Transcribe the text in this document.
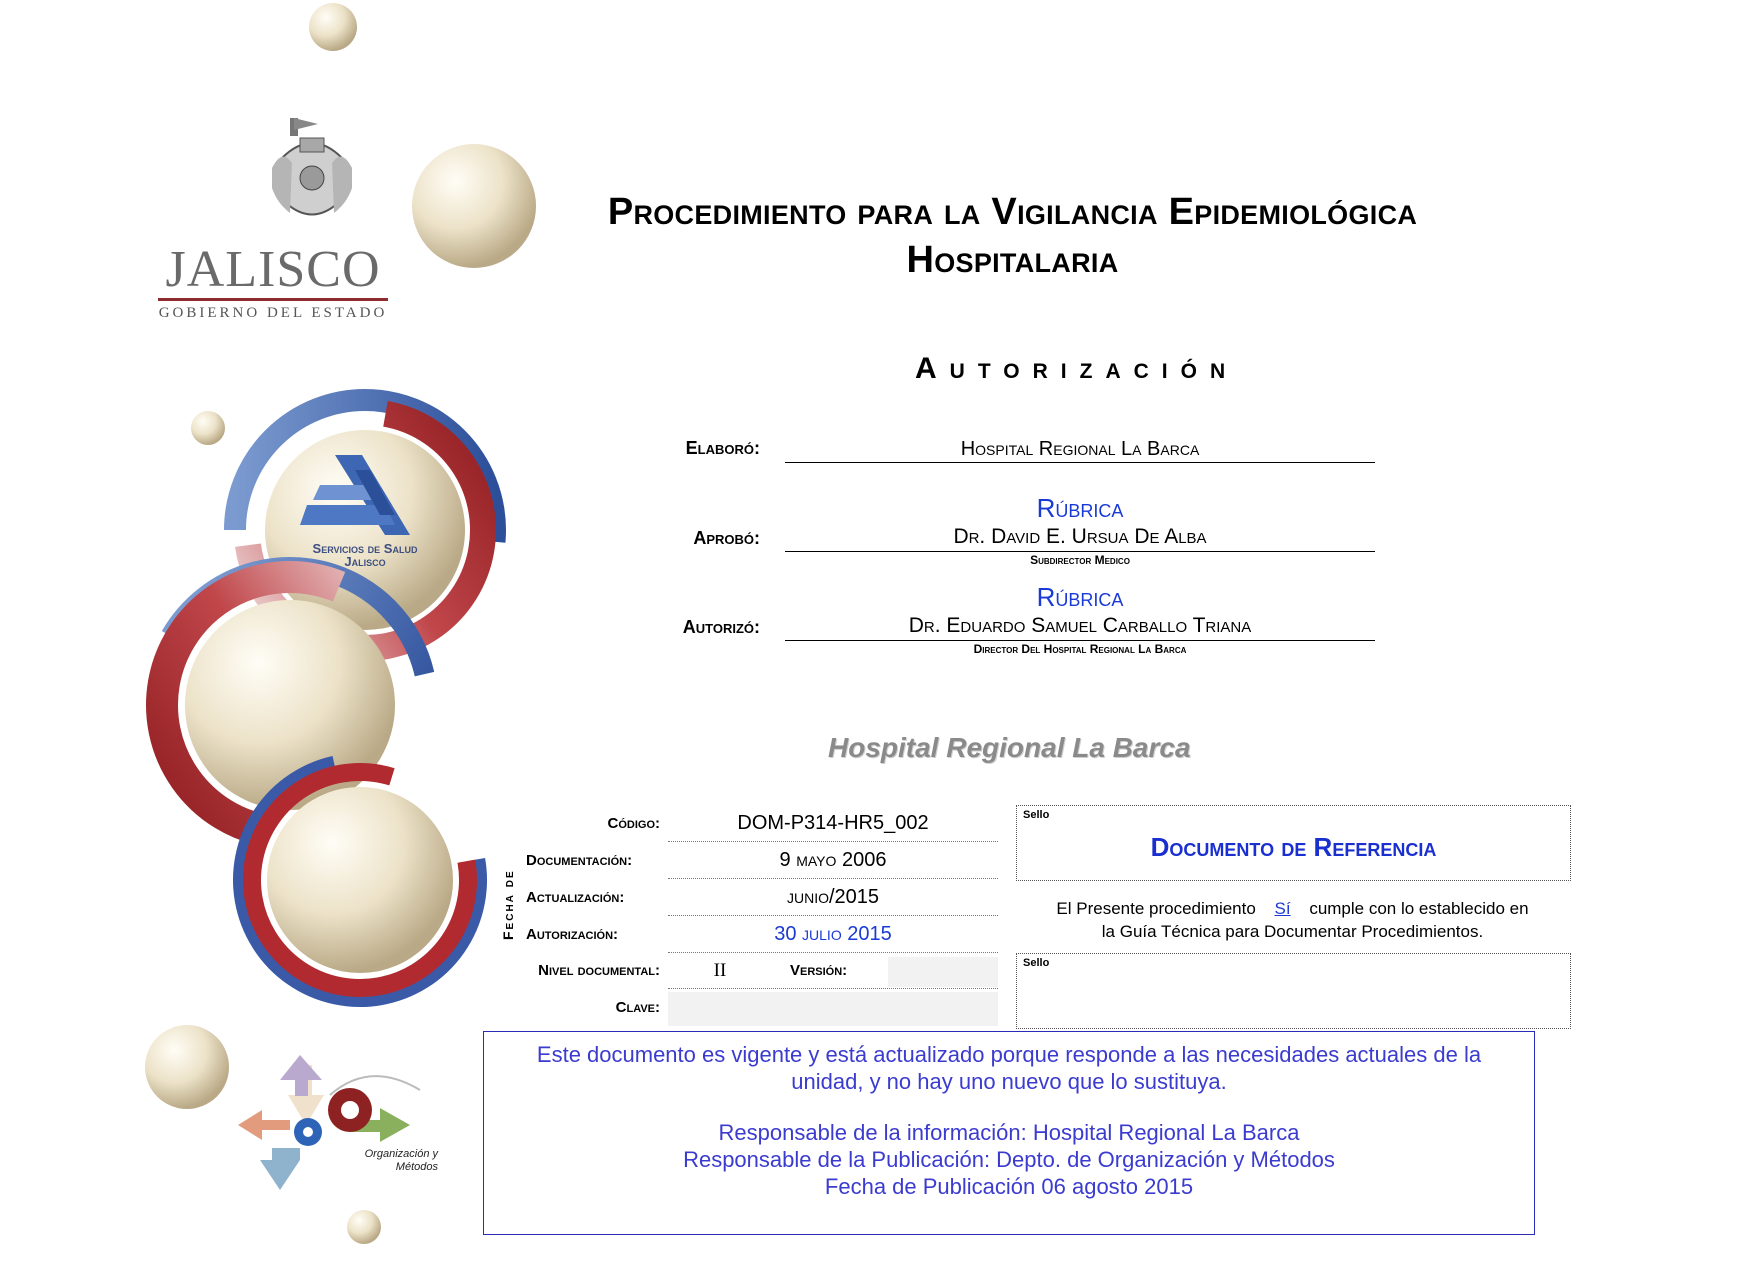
JALISCO
GOBIERNO DEL ESTADO
Servicios de Salud
Jalisco
Organización y
Métodos
Procedimiento para la Vigilancia Epidemiológica
Hospitalaria
Autorización
Elaboró:	Hospital Regional La Barca
Rúbrica
Aprobó:	Dr. David E. Ursua De Alba
Subdirector Medico
Rúbrica
Autorizó:	Dr. Eduardo Samuel Carballo Triana
Director Del Hospital Regional La Barca
Hospital Regional La Barca
Fecha de
Código:	DOM-P314-HR5_002
Documentación:	9 mayo 2006
Actualización:	junio/2015
Autorización:	30 julio 2015
Nivel documental:	II	Versión:
Clave:
Sello
Documento de Referencia
El Presente procedimiento Sí cumple con lo establecido en
la Guía Técnica para Documentar Procedimientos.
Sello
Este documento es vigente y está actualizado porque responde a las necesidades actuales de la
unidad, y no hay uno nuevo que lo sustituya.
Responsable de la información: Hospital Regional La Barca
Responsable de la Publicación: Depto. de Organización y Métodos
Fecha de Publicación 06 agosto 2015
